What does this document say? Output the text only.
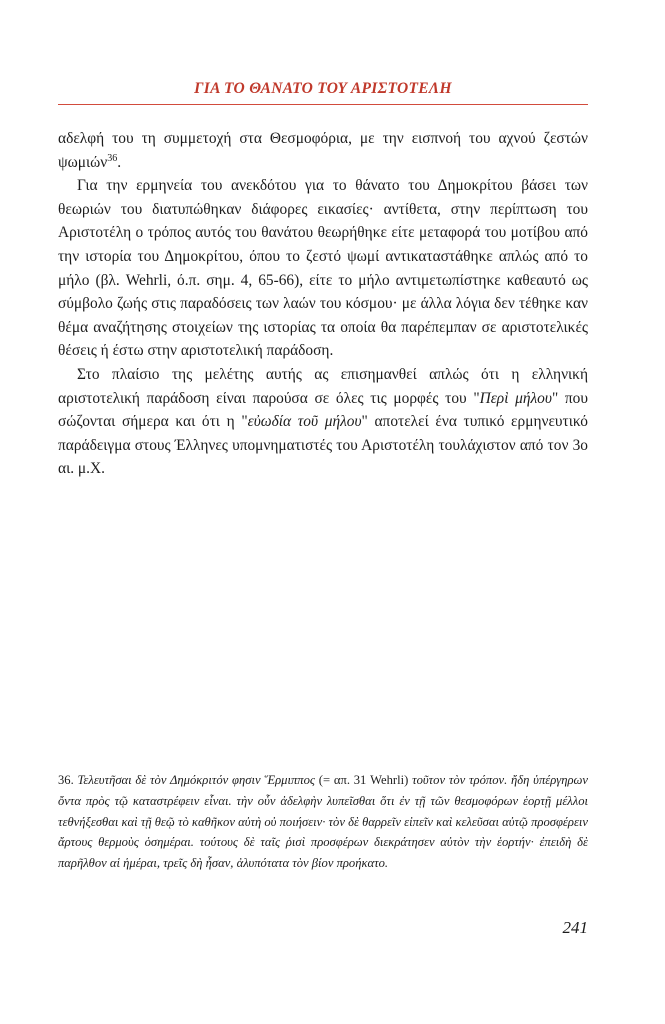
ΓΙΑ ΤΟ ΘΑΝΑΤΟ ΤΟΥ ΑΡΙΣΤΟΤΕΛΗ

αδελφή του τη συμμετοχή στα Θεσμοφόρια, με την εισπνοή του αχνού ζεστών ψωμιών$^{36}$.

Για την ερμηνεία του ανεκδότου για το θάνατο του Δημοκρίτου βάσει των θεωριών του διατυπώθηκαν διάφορες εικασίες· αντίθετα, στην περίπτωση του Αριστοτέλη ο τρόπος αυτός του θανάτου θεωρήθηκε είτε μεταφορά του μοτίβου από την ιστορία του Δημοκρίτου, όπου το ζεστό ψωμί αντικαταστάθηκε απλώς από το μήλο (βλ. Wehrli, ό.π. σημ. 4, 65-66), είτε το μήλο αντιμετωπίστηκε καθεαυτό ως σύμβολο ζωής στις παραδόσεις των λαών του κόσμου· με άλλα λόγια δεν τέθηκε καν θέμα αναζήτησης στοιχείων της ιστορίας τα οποία θα παρέπεμπαν σε αριστοτελικές θέσεις ή έστω στην αριστοτελική παράδοση.

Στο πλαίσιο της μελέτης αυτής ας επισημανθεί απλώς ότι η ελληνική αριστοτελική παράδοση είναι παρούσα σε όλες τις μορφές του "Περὶ μήλου" που σώζονται σήμερα και ότι η "εὐωδία τοῦ μήλου" αποτελεί ένα τυπικό ερμηνευτικό παράδειγμα στους Έλληνες υπομνηματιστές του Αριστοτέλη τουλάχιστον από τον 3ο αι. μ.Χ.

36. Τελευτῆσαι δὲ τὸν Δημόκριτόν φησιν Ἕρμιππος (= απ. 31 Wehrli) τοῦτον τὸν τρόπον. ἤδη ὑπέργηρων ὄντα πρὸς τῷ καταστρέφειν εἶναι. τὴν οὖν ἀδελφὴν λυπεῖσθαι ὅτι ἐν τῇ τῶν θεσμοφόρων ἑορτῇ μέλλοι τεθνήξεσθαι καὶ τῇ θεῷ τὸ καθῆκον αὐτὴ οὐ ποιήσειν· τὸν δὲ θαρρεῖν εἰπεῖν καὶ κελεῦσαι αὐτῷ προσφέρειν ἄρτους θερμοὺς ὁσημέραι. τούτους δὲ ταῖς ῥισὶ προσφέρων διεκράτησεν αὐτὸν τὴν ἑορτήν· ἐπειδὴ δὲ παρῆλθον αἱ ἡμέραι, τρεῖς δὴ ἦσαν, ἀλυπότατα τὸν βίον προήκατο.

241
